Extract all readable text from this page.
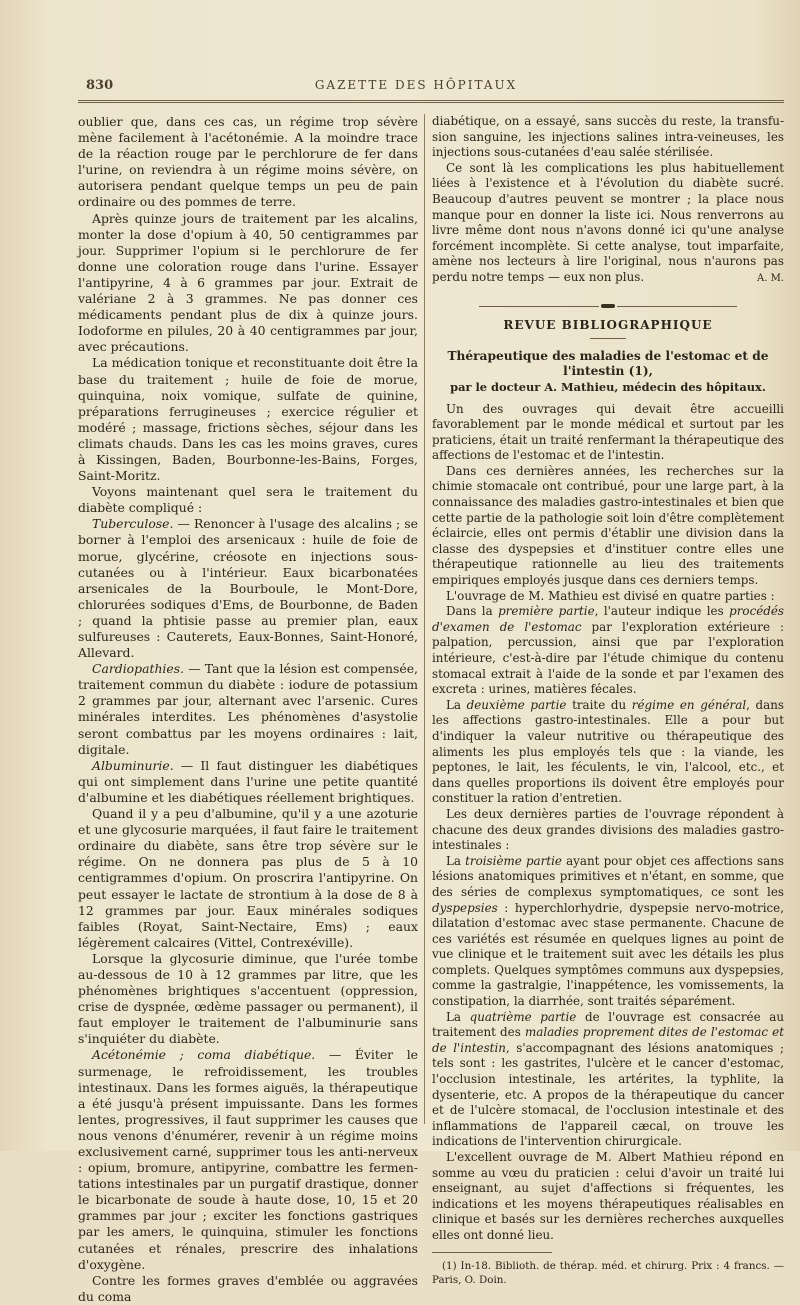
830	GAZETTE DES HÔPITAUX

oublier que, dans ces cas, un régime trop sévère mène facilement à l'acétonémie. A la moindre trace de la réaction rouge par le perchlorure de fer dans l'urine, on reviendra à un régime moins sévère, on autorisera pendant quelque temps un peu de pain ordinaire ou des pommes de terre.

Après quinze jours de traitement par les alcalins, monter la dose d'opium à 40, 50 centigrammes par jour. Supprimer l'opium si le perchlorure de fer donne une coloration rouge dans l'urine. Essayer l'antipyrine, 4 à 6 grammes par jour. Extrait de valériane 2 à 3 grammes. Ne pas donner ces médicaments pendant plus de dix à quinze jours. Iodoforme en pilules, 20 à 40 centigrammes par jour, avec précautions.

La médication tonique et reconstituante doit être la base du traitement ; huile de foie de morue, quinquina, noix vomique, sulfate de quinine, préparations ferrugineuses ; exercice régulier et modéré ; massage, frictions sèches, séjour dans les climats chauds. Dans les cas les moins graves, cures à Kissingen, Baden, Bourbonne-les-Bains, Forges, Saint-Moritz.

Voyons maintenant quel sera le traitement du diabète compliqué :

Tuberculose. — Renoncer à l'usage des alcalins ; se borner à l'emploi des arsenicaux : huile de foie de morue, glycérine, créosote en injections sous-cutanées ou à l'intérieur. Eaux bicarbonatées arsenicales de la Bourboule, le Mont-Dore, chlorurées sodiques d'Ems, de Bourbonne, de Baden ; quand la phtisie passe au premier plan, eaux sulfureuses : Cauterets, Eaux-Bonnes, Saint-Honoré, Allevard.

Cardiopathies. — Tant que la lésion est compensée, traitement commun du diabète : iodure de potassium 2 grammes par jour, alternant avec l'arsenic. Cures minérales interdites. Les phénomènes d'asystolie seront combattus par les moyens ordinaires : lait, digitale.

Albuminurie. — Il faut distinguer les diabétiques qui ont simplement dans l'urine une petite quantité d'albumine et les diabétiques réellement brightiques.

Quand il y a peu d'albumine, qu'il y a une azoturie et une glycosurie marquées, il faut faire le traitement ordinaire du diabète, sans être trop sévère sur le régime. On ne donnera pas plus de 5 à 10 centigrammes d'opium. On proscrira l'antipyrine. On peut essayer le lactate de strontium à la dose de 8 à 12 grammes par jour. Eaux minérales sodiques faibles (Royat, Saint-Nectaire, Ems) ; eaux légèrement calcaires (Vittel, Contrexéville).

Lorsque la glycosurie diminue, que l'urée tombe au-dessous de 10 à 12 grammes par litre, que les phénomènes brightiques s'accentuent (oppression, crise de dyspnée, œdème passager ou permanent), il faut employer le traitement de l'albuminurie sans s'inquiéter du diabète.

Acétonémie ; coma diabétique. — Éviter le surmenage, le refroidissement, les troubles intestinaux. Dans les formes aiguës, la thérapeutique a été jusqu'à présent impuissante. Dans les formes lentes, progressives, il faut supprimer les causes que nous venons d'énumérer, revenir à un régime moins exclusivement carné, supprimer tous les anti-nerveux : opium, bromure, antipyrine, combattre les fermentations intestinales par un purgatif drastique, donner le bicarbonate de soude à haute dose, 10, 15 et 20 grammes par jour ; exciter les fonctions gastriques par les amers, le quinquina, stimuler les fonctions cutanées et rénales, prescrire des inhalations d'oxygène.

Contre les formes graves d'emblée ou aggravées du coma

diabétique, on a essayé, sans succès du reste, la transfusion sanguine, les injections salines intra-veineuses, les injections sous-cutanées d'eau salée stérilisée.

Ce sont là les complications les plus habituellement liées à l'existence et à l'évolution du diabète sucré. Beaucoup d'autres peuvent se montrer ; la place nous manque pour en donner la liste ici. Nous renverrons au livre même dont nous n'avons donné ici qu'une analyse forcément incomplète. Si cette analyse, tout imparfaite, amène nos lecteurs à lire l'original, nous n'aurons pas perdu notre temps — eux non plus.	A. M.
REVUE BIBLIOGRAPHIQUE
Thérapeutique des maladies de l'estomac et de l'intestin (1),
par le docteur A. Mathieu, médecin des hôpitaux.

Un des ouvrages qui devait être accueilli favorablement par le monde médical et surtout par les praticiens, était un traité renfermant la thérapeutique des affections de l'estomac et de l'intestin.

Dans ces dernières années, les recherches sur la chimie stomacale ont contribué, pour une large part, à la connaissance des maladies gastro-intestinales et bien que cette partie de la pathologie soit loin d'être complètement éclaircie, elles ont permis d'établir une division dans la classe des dyspepsies et d'instituer contre elles une thérapeutique rationnelle au lieu des traitements empiriques employés jusque dans ces derniers temps.

L'ouvrage de M. Mathieu est divisé en quatre parties :

Dans la première partie, l'auteur indique les procédés d'examen de l'estomac par l'exploration extérieure : palpation, percussion, ainsi que par l'exploration intérieure, c'est-à-dire par l'étude chimique du contenu stomacal extrait à l'aide de la sonde et par l'examen des excreta : urines, matières fécales.

La deuxième partie traite du régime en général, dans les affections gastro-intestinales. Elle a pour but d'indiquer la valeur nutritive ou thérapeutique des aliments les plus employés tels que : la viande, les peptones, le lait, les féculents, le vin, l'alcool, etc., et dans quelles proportions ils doivent être employés pour constituer la ration d'entretien.

Les deux dernières parties de l'ouvrage répondent à chacune des deux grandes divisions des maladies gastro-intestinales :

La troisième partie ayant pour objet ces affections sans lésions anatomiques primitives et n'étant, en somme, que des séries de complexus symptomatiques, ce sont les dyspepsies : hyperchlorhydrie, dyspepsie nervo-motrice, dilatation d'estomac avec stase permanente. Chacune de ces variétés est résumée en quelques lignes au point de vue clinique et le traitement suit avec les détails les plus complets. Quelques symptômes communs aux dyspepsies, comme la gastralgie, l'inappétence, les vomissements, la constipation, la diarrhée, sont traités séparément.

La quatrième partie de l'ouvrage est consacrée au traitement des maladies proprement dites de l'estomac et de l'intestin, s'accompagnant des lésions anatomiques ; tels sont : les gastrites, l'ulcère et le cancer d'estomac, l'occlusion intestinale, les artérites, la typhlite, la dysenterie, etc. A propos de la thérapeutique du cancer et de l'ulcère stomacal, de l'occlusion intestinale et des inflammations de l'appareil cæcal, on trouve les indications de l'intervention chirurgicale.

L'excellent ouvrage de M. Albert Mathieu répond en somme au vœu du praticien : celui d'avoir un traité lui enseignant, au sujet d'affections si fréquentes, les indications et les moyens thérapeutiques réalisables en clinique et basés sur les dernières recherches auxquelles elles ont donné lieu.

(1) In-18. Biblioth. de thérap. méd. et chirurg. Prix : 4 francs. — Paris, O. Doin.
